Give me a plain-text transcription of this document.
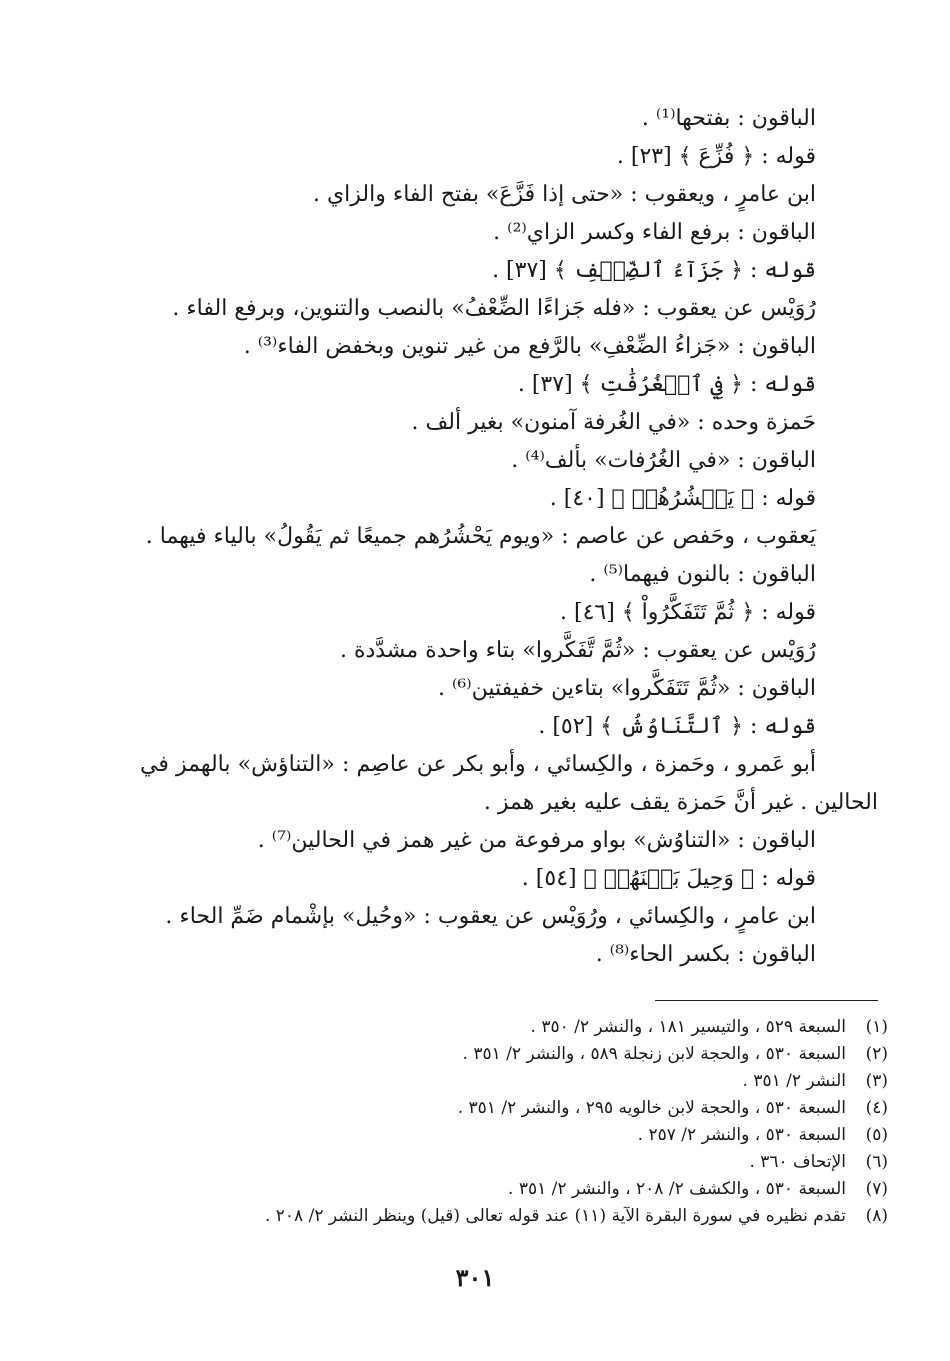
الباقون : بفتحها⁽¹⁾ .
قوله : ﴿ فُزِّعَ ﴾ [٢٣] .
ابن عامرٍ ، ويعقوب : «حتى إذا فَزَّعَ» بفتح الفاء والزاي .
الباقون : برفع الفاء وكسر الزاي⁽²⁾ .
قوله : ﴿ جَزَآءُ ٱلضِّعۡفِ ﴾ [٣٧] .
رُوَيْس عن يعقوب : «فله جَزاءًا الضِّعْفُ» بالنصب والتنوين، وبرفع الفاء .
الباقون : «جَزاءُ الضِّعْفِ» بالرَّفع من غير تنوين وبخفض الفاء⁽³⁾ .
قوله : ﴿ فِي ٱلۡغُرُفَٰتِ ﴾ [٣٧] .
حَمزة وحده : «في الغُرفة آمنون» بغير ألف .
الباقون : «في الغُرُفات» بألف⁽⁴⁾ .
قوله : ﴿ يَحۡشُرُهُمۡ ﴾ [٤٠] .
يَعقوب ، وحَفص عن عاصم : «ويوم يَحْشُرُهم جميعًا ثم يَقُولُ» بالياء فيهما .
الباقون : بالنون فيهما⁽⁵⁾ .
قوله : ﴿ ثُمَّ تَتَفَكَّرُواْ ﴾ [٤٦] .
رُوَيْس عن يعقوب : «ثُمَّ تَّفَكَّروا» بتاء واحدة مشدَّدة .
الباقون : «ثُمَّ تَتَفَكَّروا» بتاءين خفيفتين⁽⁶⁾ .
قوله : ﴿ ٱلتَّنَاوُشُ ﴾ [٥٢] .
أبو عَمرو ، وحَمزة ، والكِسائي ، وأبو بكر عن عاصِم : «التناؤش» بالهمز في
الحالين . غير أنَّ حَمزة يقف عليه بغير همز .
الباقون : «التناوُش» بواو مرفوعة من غير همز في الحالين⁽⁷⁾ .
قوله : ﴿ وَحِيلَ بَيۡنَهُمۡ ﴾ [٥٤] .
ابن عامرٍ ، والكِسائي ، ورُوَيْس عن يعقوب : «وحُيل» بإشْمام ضَمِّ الحاء .
الباقون : بكسر الحاء⁽⁸⁾ .
(١)
السبعة ٥٢٩ ، والتيسير ١٨١ ، والنشر ٢/ ٣٥٠ .
(٢)
السبعة ٥٣٠ ، والحجة لابن زنجلة ٥٨٩ ، والنشر ٢/ ٣٥١ .
(٣)
النشر ٢/ ٣٥١ .
(٤)
السبعة ٥٣٠ ، والحجة لابن خالويه ٢٩٥ ، والنشر ٢/ ٣٥١ .
(٥)
السبعة ٥٣٠ ، والنشر ٢/ ٢٥٧ .
(٦)
الإتحاف ٣٦٠ .
(٧)
السبعة ٥٣٠ ، والكشف ٢/ ٢٠٨ ، والنشر ٢/ ٣٥١ .
(٨)
تقدم نظيره في سورة البقرة الآية (١١) عند قوله تعالى (قيل) وينظر النشر ٢/ ٢٠٨ .
٣٠١
